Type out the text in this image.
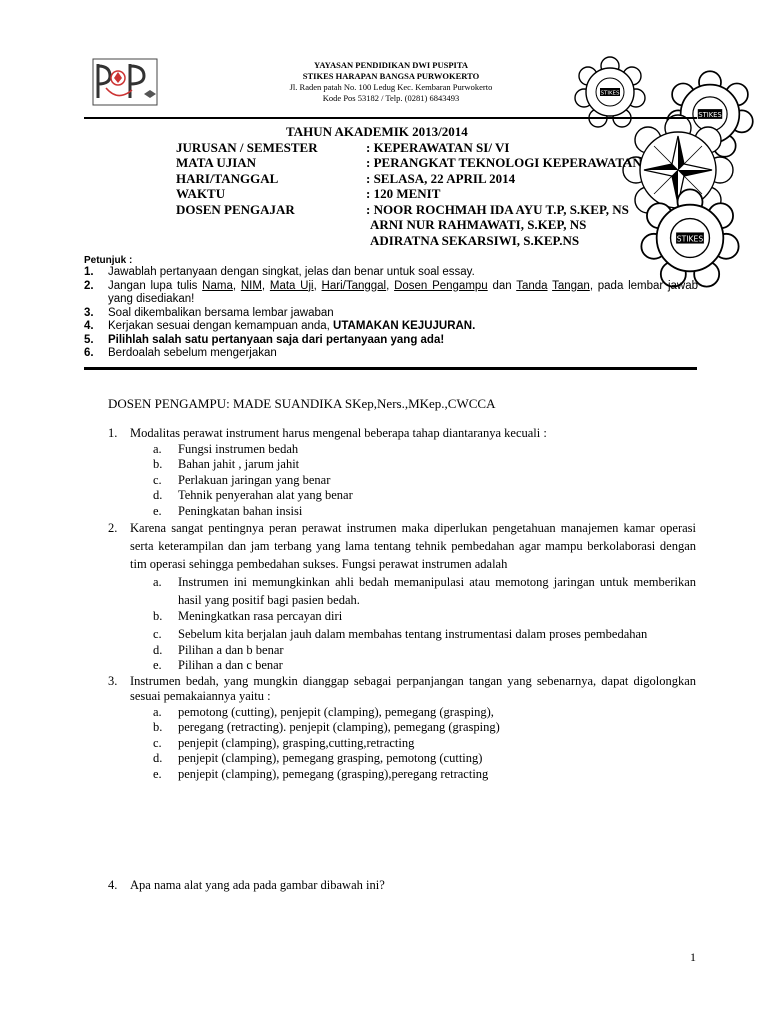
YAYASAN PENDIDIKAN DWI PUSPITA
STIKES HARAPAN BANGSA PURWOKERTO
Jl. Raden patah No. 100 Ledug Kec. Kembaran Purwokerto
Kode Pos 53182 / Telp. (0281) 6843493	STIKES
STIKES
STIKES
TAHUN AKADEMIK 2013/2014
JURUSAN / SEMESTER	: KEPERAWATAN SI/ VI
MATA UJIAN	: PERANGKAT TEKNOLOGI KEPERAWATAN
HARI/TANGGAL	: SELASA, 22 APRIL 2014
WAKTU	: 120 MENIT
DOSEN PENGAJAR	: NOOR ROCHMAH IDA AYU T.P, S.KEP, NS
ARNI NUR RAHMAWATI, S.KEP, NS
ADIRATNA SEKARSIWI, S.KEP.NS
Petunjuk :
1.	Jawablah pertanyaan dengan singkat, jelas dan benar untuk soal essay.
2.	Jangan lupa tulis Nama, NIM, Mata Uji, Hari/Tanggal, Dosen Pengampu dan Tanda Tangan, pada lembar jawab yang disediakan!
3.	Soal dikembalikan bersama lembar jawaban
4.	Kerjakan sesuai dengan kemampuan anda, UTAMAKAN KEJUJURAN.
5.	Pilihlah salah satu pertanyaan saja dari pertanyaan yang ada!
6.	Berdoalah sebelum mengerjakan
DOSEN PENGAMPU: MADE SUANDIKA SKep,Ners.,MKep.,CWCCA
1.	Modalitas perawat instrument harus mengenal beberapa tahap diantaranya kecuali :
a.	Fungsi instrumen bedah
b.	Bahan jahit , jarum jahit
c.	Perlakuan jaringan yang benar
d.	Tehnik penyerahan alat yang benar
e.	Peningkatan bahan insisi
2.	Karena sangat pentingnya peran perawat instrumen maka diperlukan pengetahuan manajemen kamar operasi serta keterampilan dan jam terbang yang lama tentang tehnik pembedahan agar mampu berkolaborasi dengan tim operasi sehingga pembedahan sukses. Fungsi perawat instrumen adalah
a.	Instrumen ini memungkinkan ahli bedah memanipulasi atau memotong jaringan untuk memberikan hasil yang positif bagi pasien bedah.
b.	Meningkatkan rasa percayan diri
c.	Sebelum kita berjalan jauh dalam membahas tentang instrumentasi dalam proses pembedahan
d.	Pilihan a dan b benar
e.	Pilihan a dan c benar
3.	Instrumen bedah, yang mungkin dianggap sebagai perpanjangan tangan yang sebenarnya, dapat digolongkan sesuai pemakaiannya yaitu :
a.	pemotong (cutting), penjepit (clamping), pemegang (grasping),
b.	peregang (retracting). penjepit (clamping), pemegang (grasping)
c.	penjepit (clamping), grasping,cutting,retracting
d.	penjepit (clamping), pemegang grasping, pemotong (cutting)
e.	penjepit (clamping), pemegang (grasping),peregang retracting
4.	Apa nama alat yang ada pada gambar dibawah ini?
1
